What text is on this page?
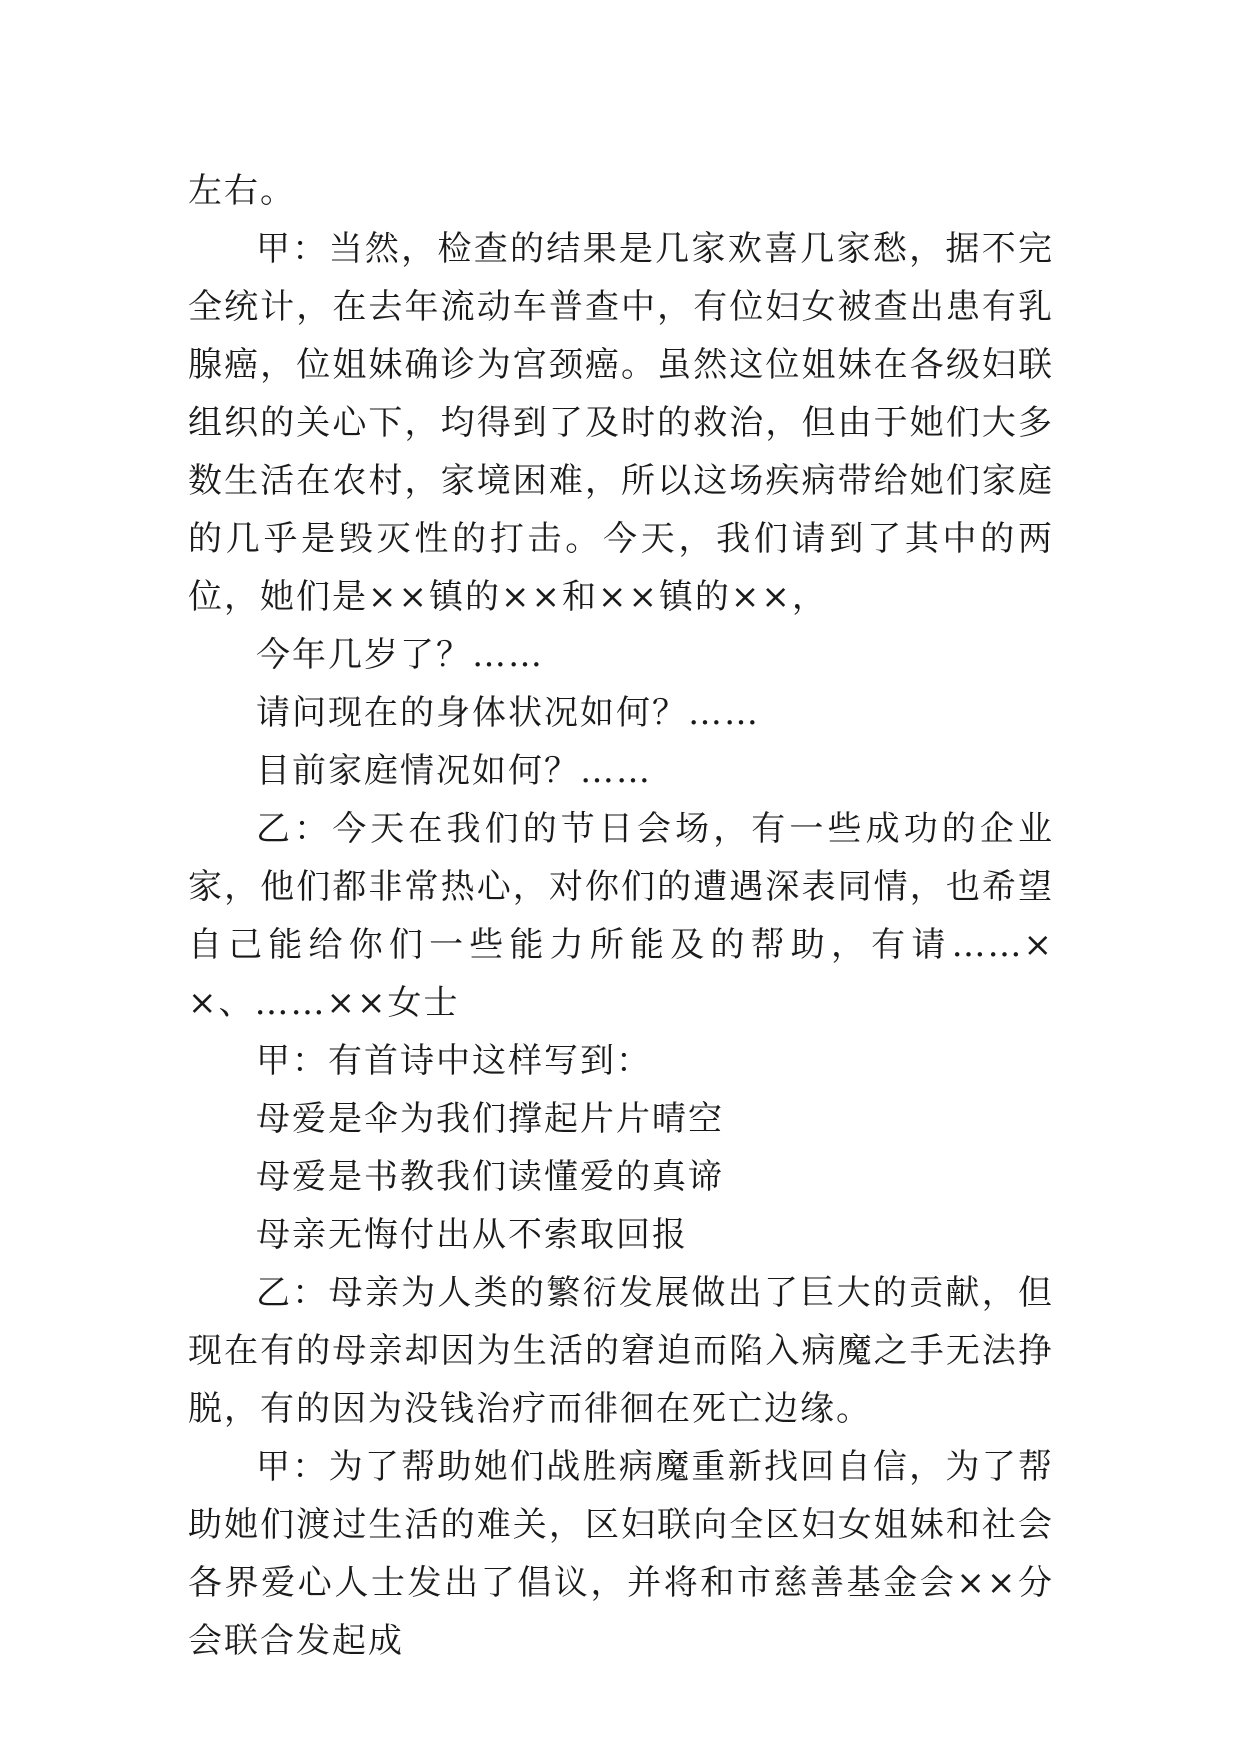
左右。

甲：当然，检查的结果是几家欢喜几家愁，据不完全统计，在去年流动车普查中，有位妇女被查出患有乳腺癌，位姐妹确诊为宫颈癌。虽然这位姐妹在各级妇联组织的关心下，均得到了及时的救治，但由于她们大多数生活在农村，家境困难，所以这场疾病带给她们家庭的几乎是毁灭性的打击。今天，我们请到了其中的两位，她们是××镇的××和××镇的××，

今年几岁了？……

请问现在的身体状况如何？……

目前家庭情况如何？……

乙：今天在我们的节日会场，有一些成功的企业家，他们都非常热心，对你们的遭遇深表同情，也希望自己能给你们一些能力所能及的帮助，有请……××、……××女士

甲：有首诗中这样写到：

母爱是伞为我们撑起片片晴空

母爱是书教我们读懂爱的真谛

母亲无悔付出从不索取回报

乙：母亲为人类的繁衍发展做出了巨大的贡献，但现在有的母亲却因为生活的窘迫而陷入病魔之手无法挣脱，有的因为没钱治疗而徘徊在死亡边缘。

甲：为了帮助她们战胜病魔重新找回自信，为了帮助她们渡过生活的难关，区妇联向全区妇女姐妹和社会各界爱心人士发出了倡议，并将和市慈善基金会××分会联合发起成
